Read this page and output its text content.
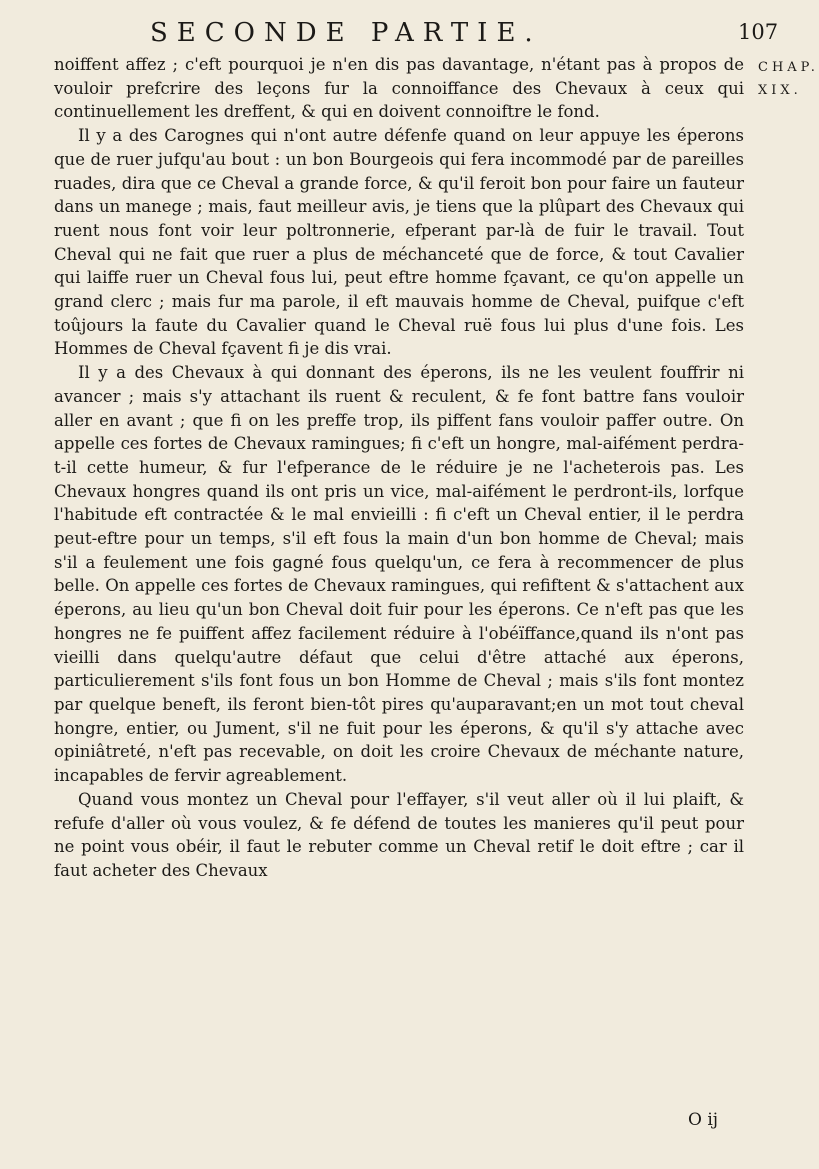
SECONDE PARTIE.	107
CHAP.
XIX.

noiffent affez ; c'eft pourquoi je n'en dis pas davantage, n'étant pas à propos de vouloir prefcrire des leçons fur la connoiffance des Chevaux à ceux qui continuellement les dreffent, & qui en doivent connoiftre le fond.

Il y a des Carognes qui n'ont autre défenfe quand on leur appuye les éperons que de ruer jufqu'au bout : un bon Bourgeois qui fera incommodé par de pareilles ruades, dira que ce Cheval a grande force, & qu'il feroit bon pour faire un fauteur dans un manege ; mais, faut meilleur avis, je tiens que la plûpart des Chevaux qui ruent nous font voir leur poltronnerie, efperant par-là de fuir le travail. Tout Cheval qui ne fait que ruer a plus de méchanceté que de force, & tout Cavalier qui laiffe ruer un Cheval fous lui, peut eftre homme fçavant, ce qu'on appelle un grand clerc ; mais fur ma parole, il eft mauvais homme de Cheval, puifque c'eft toûjours la faute du Cavalier quand le Cheval ruë fous lui plus d'une fois. Les Hommes de Cheval fçavent fi je dis vrai.

Il y a des Chevaux à qui donnant des éperons, ils ne les veulent fouffrir ni avancer ; mais s'y attachant ils ruent & reculent, & fe font battre fans vouloir aller en avant ; que fi on les preffe trop, ils piffent fans vouloir paffer outre. On appelle ces fortes de Chevaux ramingues; fi c'eft un hongre, mal-aifément perdra-t-il cette humeur, & fur l'efperance de le réduire je ne l'acheterois pas. Les Chevaux hongres quand ils ont pris un vice, mal-aifément le perdront-ils, lorfque l'habitude eft contractée & le mal envieilli : fi c'eft un Cheval entier, il le perdra peut-eftre pour un temps, s'il eft fous la main d'un bon homme de Cheval; mais s'il a feulement une fois gagné fous quelqu'un, ce fera à recommencer de plus belle. On appelle ces fortes de Chevaux ramingues, qui refiftent & s'attachent aux éperons, au lieu qu'un bon Cheval doit fuir pour les éperons. Ce n'eft pas que les hongres ne fe puiffent affez facilement réduire à l'obéïffance,quand ils n'ont pas vieilli dans quelqu'autre défaut que celui d'être attaché aux éperons, particulierement s'ils font fous un bon Homme de Cheval ; mais s'ils font montez par quelque beneft, ils feront bien-tôt pires qu'auparavant;en un mot tout cheval hongre, entier, ou Jument, s'il ne fuit pour les éperons, & qu'il s'y attache avec opiniâtreté, n'eft pas recevable, on doit les croire Chevaux de méchante nature, incapables de fervir agreablement.

Quand vous montez un Cheval pour l'effayer, s'il veut aller où il lui plaift, & refufe d'aller où vous voulez, & fe défend de toutes les manieres qu'il peut pour ne point vous obéir, il faut le rebuter comme un Cheval retif le doit eftre ; car il faut acheter des Chevaux

O ij
